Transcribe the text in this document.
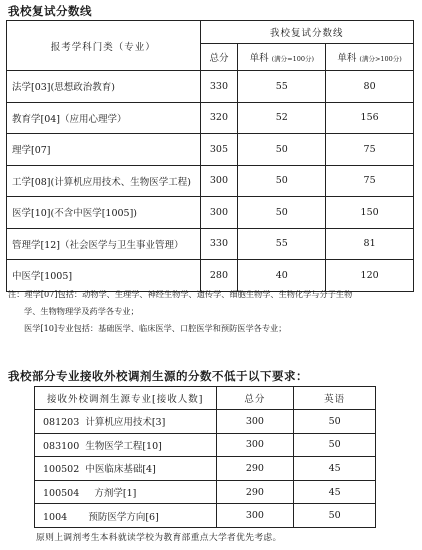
我校复试分数线
报考学科门类（专业）	我校复试分数线		
	总分	单科 (满分=100分)	单科 (满分>100分)
法学[03](思想政治教育)	330	55	80
教育学[04]（应用心理学）	320	52	156
理学[07]	305	50	75
工学[08](计算机应用技术、生物医学工程)	300	50	75
医学[10](不含中医学[1005])	300	50	150
管理学[12]（社会医学与卫生事业管理）	330	55	81
中医学[1005]	280	40	120
注：理学[07]包括：动物学、生理学、神经生物学、遗传学、细胞生物学、生物化学与分子生物
学、生物物理学及药学各专业；
医学[10]专业包括：基础医学、临床医学、口腔医学和预防医学各专业；
我校部分专业接收外校调剂生源的分数不低于以下要求：
接收外校调剂生源专业[接收人数]	总分	英语
081203 计算机应用技术[3]	300	50
083100 生物医学工程[10]	300	50
100502 中医临床基础[4]	290	45
100504 方剂学[1]	290	45
1004 预防医学方向[6]	300	50
原则上调剂考生本科就读学校为教育部重点大学者优先考虑。
